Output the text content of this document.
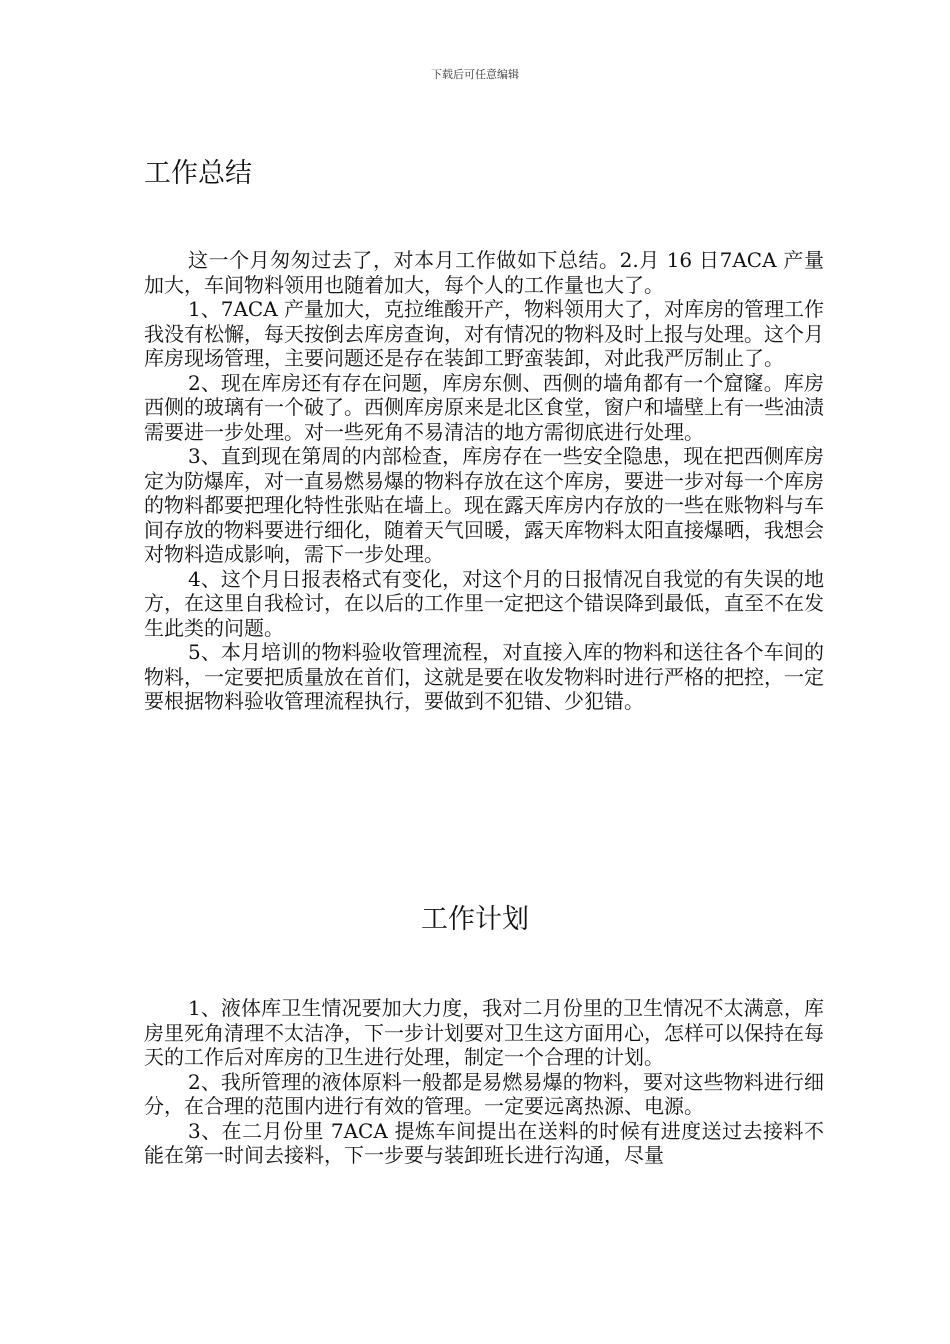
下载后可任意编辑
工作总结

这一个月匆匆过去了，对本月工作做如下总结。2.月 16 日7ACA 产量加大，车间物料领用也随着加大，每个人的工作量也大了。

1、7ACA 产量加大，克拉维酸开产，物料领用大了，对库房的管理工作我没有松懈，每天按倒去库房查询，对有情况的物料及时上报与处理。这个月库房现场管理，主要问题还是存在装卸工野蛮装卸，对此我严厉制止了。

2、现在库房还有存在问题，库房东侧、西侧的墙角都有一个窟窿。库房西侧的玻璃有一个破了。西侧库房原来是北区食堂，窗户和墙壁上有一些油渍需要进一步处理。对一些死角不易清洁的地方需彻底进行处理。

3、直到现在第周的内部检查，库房存在一些安全隐患，现在把西侧库房定为防爆库，对一直易燃易爆的物料存放在这个库房，要进一步对每一个库房的物料都要把理化特性张贴在墙上。现在露天库房内存放的一些在账物料与车间存放的物料要进行细化，随着天气回暖，露天库物料太阳直接爆晒，我想会对物料造成影响，需下一步处理。

4、这个月日报表格式有变化，对这个月的日报情况自我觉的有失误的地方，在这里自我检讨，在以后的工作里一定把这个错误降到最低，直至不在发生此类的问题。

5、本月培训的物料验收管理流程，对直接入库的物料和送往各个车间的物料，一定要把质量放在首们，这就是要在收发物料时进行严格的把控，一定要根据物料验收管理流程执行，要做到不犯错、少犯错。

工作计划

1、液体库卫生情况要加大力度，我对二月份里的卫生情况不太满意，库房里死角清理不太洁净，下一步计划要对卫生这方面用心，怎样可以保持在每天的工作后对库房的卫生进行处理，制定一个合理的计划。

2、我所管理的液体原料一般都是易燃易爆的物料，要对这些物料进行细分，在合理的范围内进行有效的管理。一定要远离热源、电源。

3、在二月份里 7ACA 提炼车间提出在送料的时候有进度送过去接料不能在第一时间去接料，下一步要与装卸班长进行沟通，尽量
